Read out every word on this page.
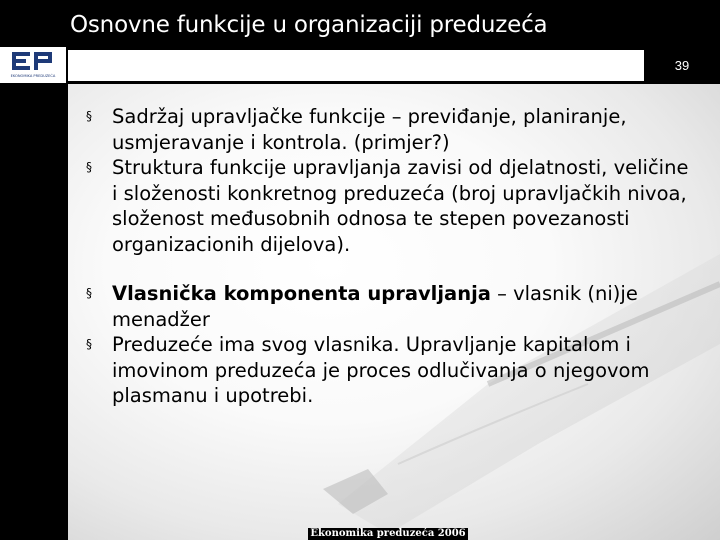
Osnovne funkcije u organizaciji preduzeća
EKONOMIKA PREDUZEĆA
39
§ Sadržaj upravljačke funkcije – previđanje, planiranje, usmjeravanje i kontrola. (primjer?)
§ Struktura funkcije upravljanja zavisi od djelatnosti, veličine i složenosti konkretnog preduzeća (broj upravljačkih nivoa, složenost međusobnih odnosa te stepen povezanosti organizacionih dijelova).
§ Vlasnička komponenta upravljanja – vlasnik (ni)je menadžer
§ Preduzeće ima svog vlasnika. Upravljanje kapitalom i imovinom preduzeća je proces odlučivanja o njegovom plasmanu i upotrebi.
Ekonomika preduzeća 2006
